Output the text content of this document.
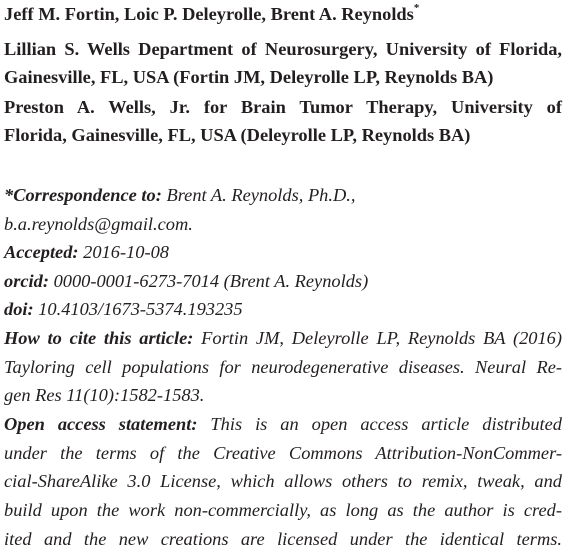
Jeff M. Fortin, Loic P. Deleyrolle, Brent A. Reynolds*
Lillian S. Wells Department of Neurosurgery, University of Florida,
Gainesville, FL, USA (Fortin JM, Deleyrolle LP, Reynolds BA)
Preston A. Wells, Jr. for Brain Tumor Therapy, University of
Florida, Gainesville, FL, USA (Deleyrolle LP, Reynolds BA)
*Correspondence to: Brent A. Reynolds, Ph.D.,
b.a.reynolds@gmail.com.
Accepted: 2016-10-08
orcid: 0000-0001-6273-7014 (Brent A. Reynolds)
doi: 10.4103/1673-5374.193235
How to cite this article: Fortin JM, Deleyrolle LP, Reynolds BA (2016)
Tayloring cell populations for neurodegenerative diseases. Neural Re-
gen Res 11(10):1582-1583.
Open access statement: This is an open access article distributed
under the terms of the Creative Commons Attribution-NonCommer-
cial-ShareAlike 3.0 License, which allows others to remix, tweak, and
build upon the work non-commercially, as long as the author is cred-
ited and the new creations are licensed under the identical terms.
